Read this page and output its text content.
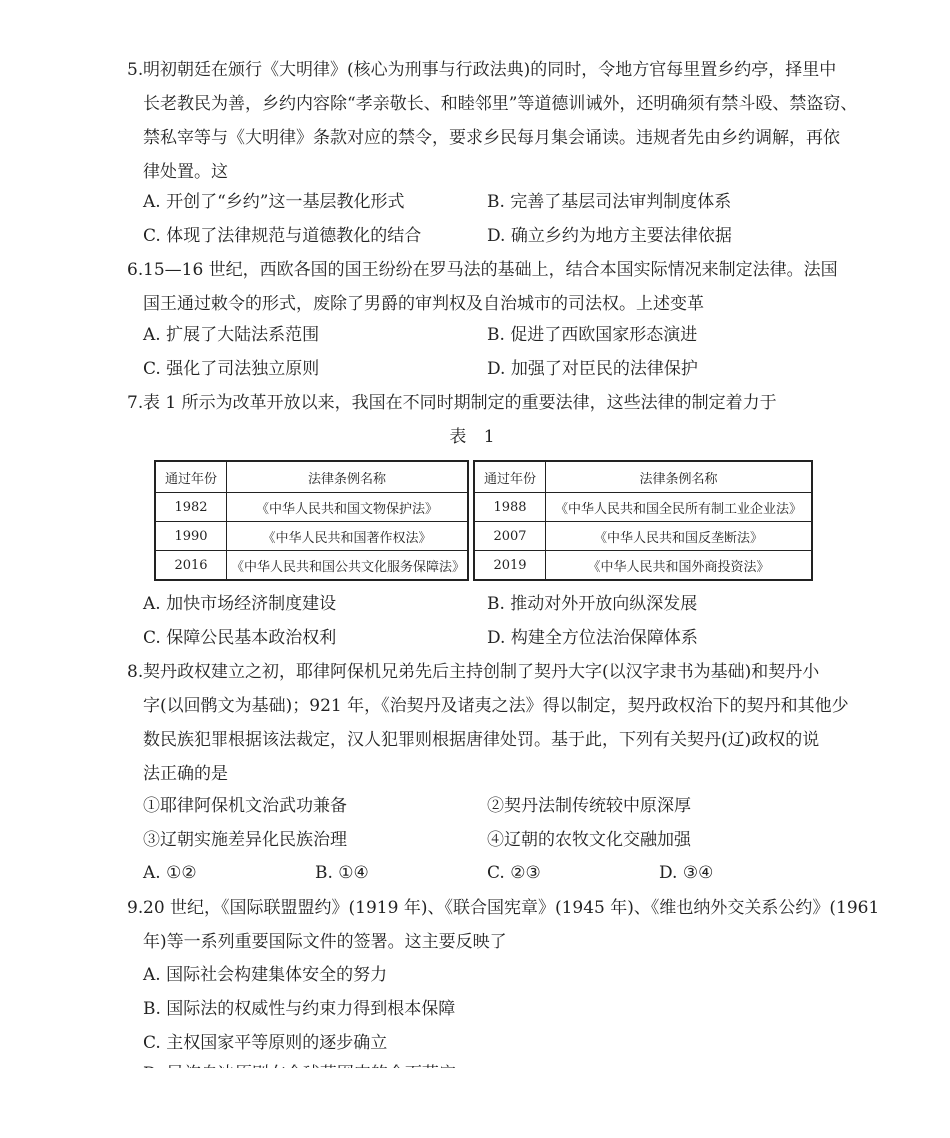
5. 明初朝廷在颁行《大明律》(核心为刑事与行政法典)的同时，令地方官每里置乡约亭，择里中
长老教民为善，乡约内容除“孝亲敬长、和睦邻里”等道德训诫外，还明确须有禁斗殴、禁盗窃、
禁私宰等与《大明律》条款对应的禁令，要求乡民每月集会诵读。违规者先由乡约调解，再依
律处置。这
A. 开创了“乡约”这一基层教化形式	B. 完善了基层司法审判制度体系
C. 体现了法律规范与道德教化的结合	D. 确立乡约为地方主要法律依据
6. 15—16 世纪，西欧各国的国王纷纷在罗马法的基础上，结合本国实际情况来制定法律。法国
国王通过敕令的形式，废除了男爵的审判权及自治城市的司法权。上述变革
A. 扩展了大陆法系范围	B. 促进了西欧国家形态演进
C. 强化了司法独立原则	D. 加强了对臣民的法律保护
7. 表 1 所示为改革开放以来，我国在不同时期制定的重要法律，这些法律的制定着力于
表 1
通过年份	法律条例名称
1982	《中华人民共和国文物保护法》
1990	《中华人民共和国著作权法》
2016	《中华人民共和国公共文化服务保障法》
通过年份	法律条例名称
1988	《中华人民共和国全民所有制工业企业法》
2007	《中华人民共和国反垄断法》
2019	《中华人民共和国外商投资法》
A. 加快市场经济制度建设	B. 推动对外开放向纵深发展
C. 保障公民基本政治权利	D. 构建全方位法治保障体系
8. 契丹政权建立之初，耶律阿保机兄弟先后主持创制了契丹大字(以汉字隶书为基础)和契丹小
字(以回鹘文为基础)；921 年，《治契丹及诸夷之法》得以制定，契丹政权治下的契丹和其他少
数民族犯罪根据该法裁定，汉人犯罪则根据唐律处罚。基于此，下列有关契丹(辽)政权的说
法正确的是
①耶律阿保机文治武功兼备	②契丹法制传统较中原深厚
③辽朝实施差异化民族治理	④辽朝的农牧文化交融加强
A. ①②	B. ①④	C. ②③	D. ③④
9. 20 世纪，《国际联盟盟约》(1919 年)、《联合国宪章》(1945 年)、《维也纳外交关系公约》(1961
年)等一系列重要国际文件的签署。这主要反映了
A. 国际社会构建集体安全的努力
B. 国际法的权威性与约束力得到根本保障
C. 主权国家平等原则的逐步确立
